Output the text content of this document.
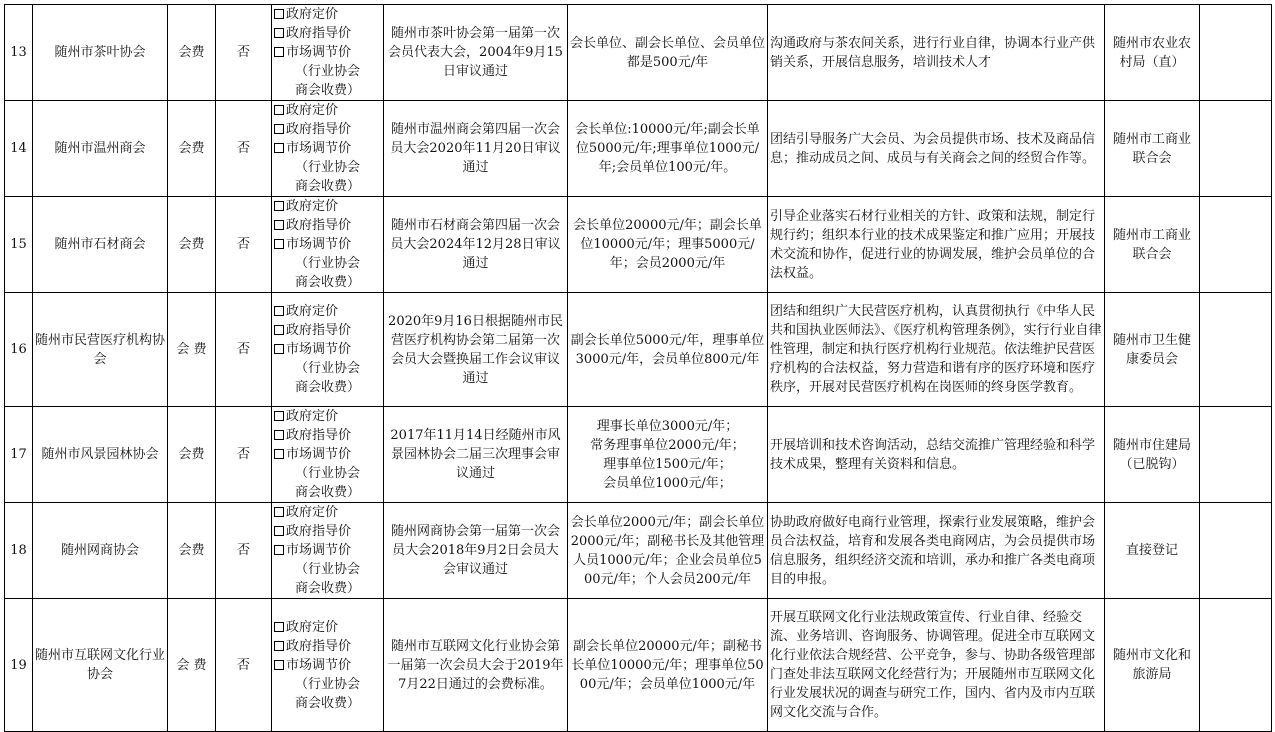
13	随州市茶叶协会	会费	否	政府定价
政府指导价
市场调节价
（行业协会
商会收费）	随州市茶叶协会第一届第一次会员代表大会，2004年9月15日审议通过	会长单位、副会长单位、会员单位都是500元/年	沟通政府与茶农间关系，进行行业自律，协调本行业产供销关系，开展信息服务，培训技术人才	随州市农业农村局（直）	
14	随州市温州商会	会费	否	政府定价
政府指导价
市场调节价
（行业协会
商会收费）	随州市温州商会第四届一次会员大会2020年11月20日审议通过	会长单位:10000元/年;副会长单位5000元/年;理事单位1000元/年;会员单位100元/年。	团结引导服务广大会员、为会员提供市场、技术及商品信息；推动成员之间、成员与有关商会之间的经贸合作等。	随州市工商业联合会	
15	随州市石材商会	会费	否	政府定价
政府指导价
市场调节价
（行业协会
商会收费）	随州市石材商会第四届一次会员大会2024年12月28日审议通过	会长单位20000元/年；副会长单位10000元/年；理事5000元/年；会员2000元/年	引导企业落实石材行业相关的方针、政策和法规，制定行规行约；组织本行业的技术成果鉴定和推广应用；开展技术交流和协作，促进行业的协调发展，维护会员单位的合法权益。	随州市工商业联合会	
16	随州市民营医疗机构协会	会 费	否	政府定价
政府指导价
市场调节价
（行业协会
商会收费）	2020年9月16日根据随州市民营医疗机构协会第二届第一次会员大会暨换届工作会议审议通过	副会长单位5000元/年，理事单位3000元/年，会员单位800元/年	团结和组织广大民营医疗机构，认真贯彻执行《中华人民共和国执业医师法》、《医疗机构管理条例》，实行行业自律性管理，制定和执行医疗机构行业规范。依法维护民营医疗机构的合法权益，努力营造和谐有序的医疗环境和医疗秩序，开展对民营医疗机构在岗医师的终身医学教育。	随州市卫生健康委员会	
17	随州市风景园林协会	会费	否	政府定价
政府指导价
市场调节价
（行业协会
商会收费）	2017年11月14日经随州市风景园林协会二届三次理事会审议通过	理事长单位3000元/年；
常务理事单位2000元/年；
理事单位1500元/年；
会员单位1000元/年；	开展培训和技术咨询活动，总结交流推广管理经验和科学技术成果，整理有关资料和信息。	随州市住建局（已脱钩）	
18	随州网商协会	会费	否	政府定价
政府指导价
市场调节价
（行业协会
商会收费）	随州网商协会第一届第一次会员大会2018年9月2日会员大会审议通过	会长单位2000元/年；副会长单位2000元/年；副秘书长及其他管理人员1000元/年；企业会员单位500元/年；个人会员200元/年	协助政府做好电商行业管理，探索行业发展策略，维护会员合法权益，培育和发展各类电商网店，为会员提供市场信息服务，组织经济交流和培训，承办和推广各类电商项目的申报。	直接登记	
19	随州市互联网文化行业协会	会 费	否	政府定价
政府指导价
市场调节价
（行业协会
商会收费）	随州市互联网文化行业协会第一届第一次会员大会于2019年7月22日通过的会费标准。	副会长单位20000元/年；副秘书长单位10000元/年；理事单位5000元/年；会员单位1000元/年	开展互联网文化行业法规政策宣传、行业自律、经验交流、业务培训、咨询服务、协调管理。促进全市互联网文化行业依法合规经营、公平竞争，参与、协助各级管理部门查处非法互联网文化经营行为；开展随州市互联网文化行业发展状况的调查与研究工作，国内、省内及市内互联网文化交流与合作。	随州市文化和旅游局	
